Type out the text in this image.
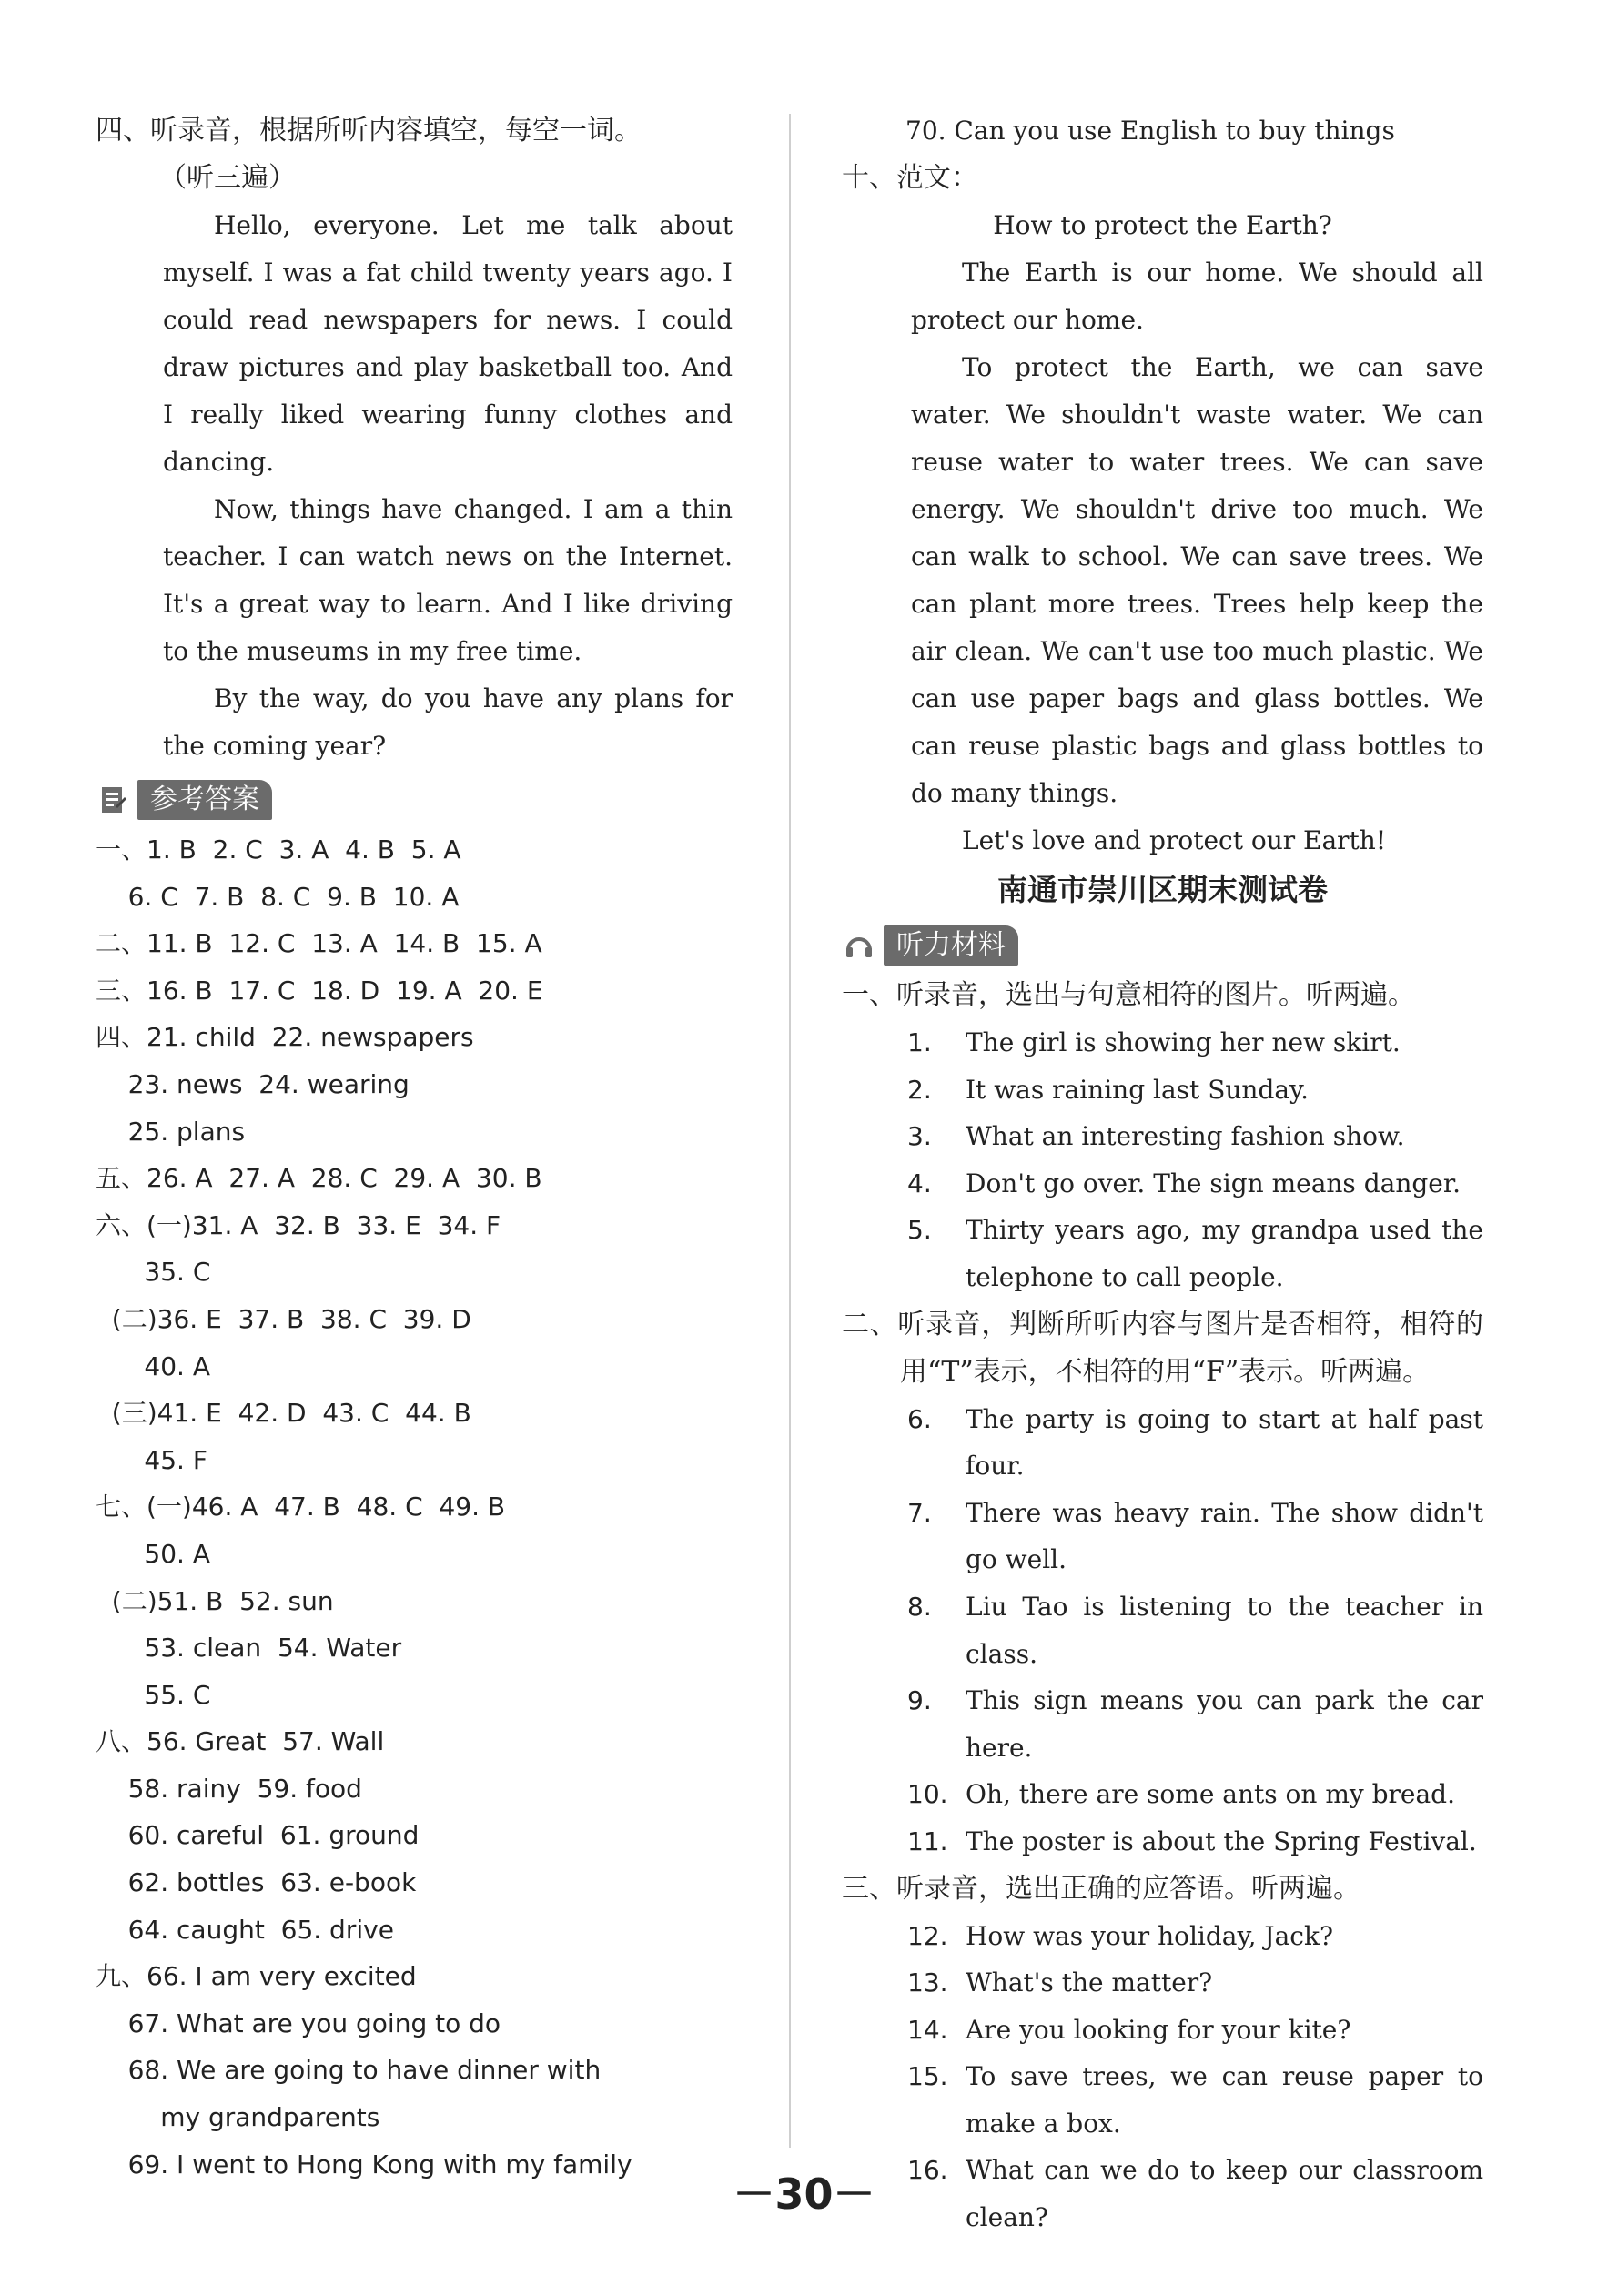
四、听录音，根据所听内容填空，每空一词。
（听三遍）
Hello, everyone. Let me talk about myself. I was a fat child twenty years ago. I could read newspapers for news. I could draw pictures and play basketball too. And I really liked wearing funny clothes and dancing.
Now, things have changed. I am a thin teacher. I can watch news on the Internet. It's a great way to learn. And I like driving to the museums in my free time.
By the way, do you have any plans for the coming year?
参考答案
一、1. B  2. C  3. A  4. B  5. A
6. C  7. B  8. C  9. B  10. A
二、11. B  12. C  13. A  14. B  15. A
三、16. B  17. C  18. D  19. A  20. E
四、21. child  22. newspapers
23. news  24. wearing
25. plans
五、26. A  27. A  28. C  29. A  30. B
六、(一)31. A  32. B  33. E  34. F
35. C
(二)36. E  37. B  38. C  39. D
40. A
(三)41. E  42. D  43. C  44. B
45. F
七、(一)46. A  47. B  48. C  49. B
50. A
(二)51. B  52. sun
53. clean  54. Water
55. C
八、56. Great  57. Wall
58. rainy  59. food
60. careful  61. ground
62. bottles  63. e-book
64. caught  65. drive
九、66. I am very excited
67. What are you going to do
68. We are going to have dinner with
my grandparents
69. I went to Hong Kong with my family
70. Can you use English to buy things
十、范文：
How to protect the Earth?
The Earth is our home. We should all protect our home.
To protect the Earth, we can save water. We shouldn't waste water. We can reuse water to water trees. We can save energy. We shouldn't drive too much. We can walk to school. We can save trees. We can plant more trees. Trees help keep the air clean. We can't use too much plastic. We can use paper bags and glass bottles. We can reuse plastic bags and glass bottles to do many things.
Let's love and protect our Earth!
南通市崇川区期末测试卷
听力材料
一、听录音，选出与句意相符的图片。听两遍。
1.	The girl is showing her new skirt.
2.	It was raining last Sunday.
3.	What an interesting fashion show.
4.	Don't go over. The sign means danger.
5.	Thirty years ago, my grandpa used the telephone to call people.
二、听录音，判断所听内容与图片是否相符，相符的用“T”表示，不相符的用“F”表示。听两遍。
6.	The party is going to start at half past four.
7.	There was heavy rain. The show didn't go well.
8.	Liu Tao is listening to the teacher in class.
9.	This sign means you can park the car here.
10. Oh, there are some ants on my bread.
11. The poster is about the Spring Festival.
三、听录音，选出正确的应答语。听两遍。
12. How was your holiday, Jack?
13. What's the matter?
14. Are you looking for your kite?
15. To save trees, we can reuse paper to make a box.
16. What can we do to keep our classroom clean?
－30－
